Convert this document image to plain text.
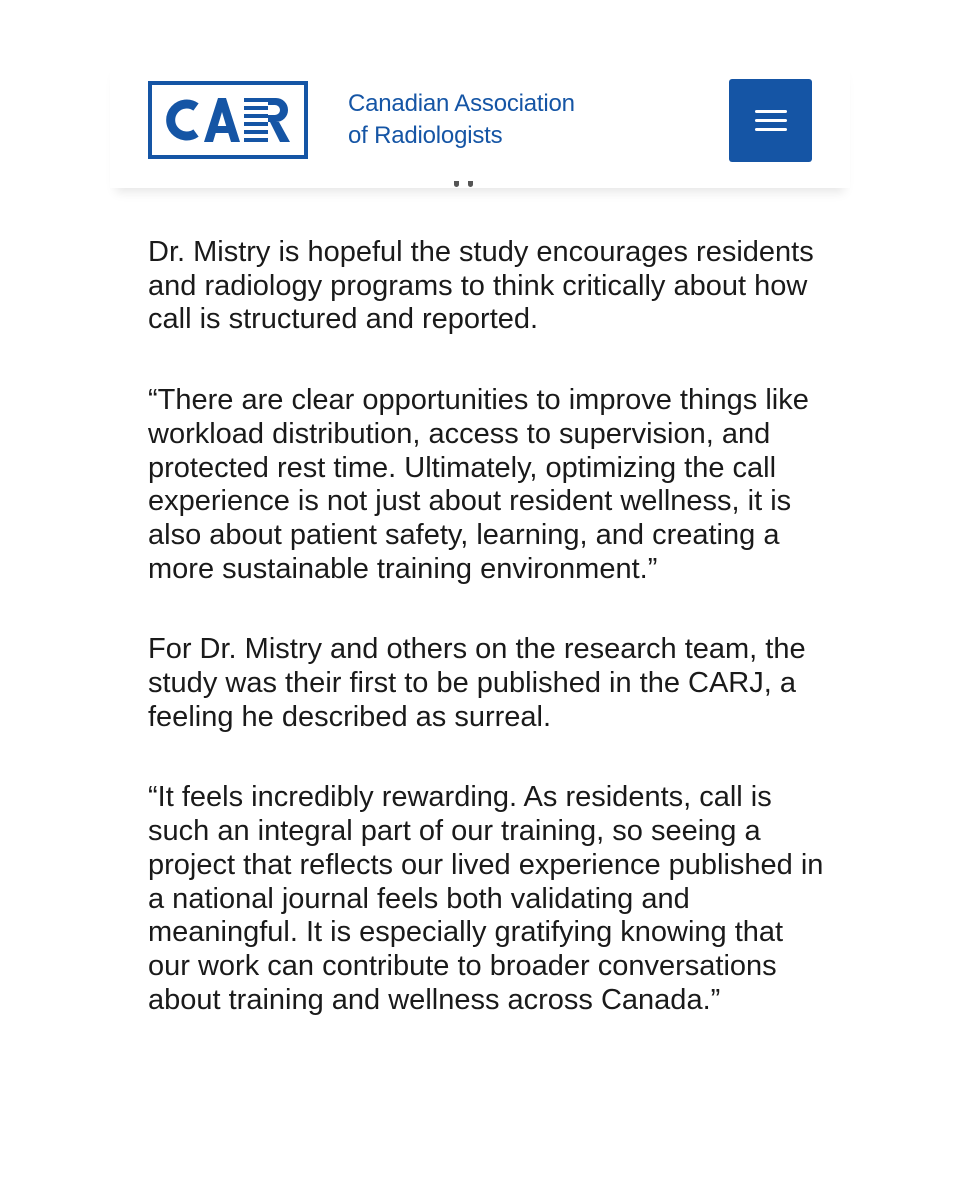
Canadian Association
of Radiologists

Dr. Mistry is hopeful the study encourages residents and radiology programs to think critically about how call is structured and reported.

“There are clear opportunities to improve things like workload distribution, access to supervision, and protected rest time. Ultimately, optimizing the call experience is not just about resident wellness, it is also about patient safety, learning, and creating a more sustainable training environment.”

For Dr. Mistry and others on the research team, the study was their first to be published in the CARJ, a feeling he described as surreal.

“It feels incredibly rewarding. As residents, call is such an integral part of our training, so seeing a project that reflects our lived experience published in a national journal feels both validating and meaningful. It is especially gratifying knowing that our work can contribute to broader conversations about training and wellness across Canada.”
